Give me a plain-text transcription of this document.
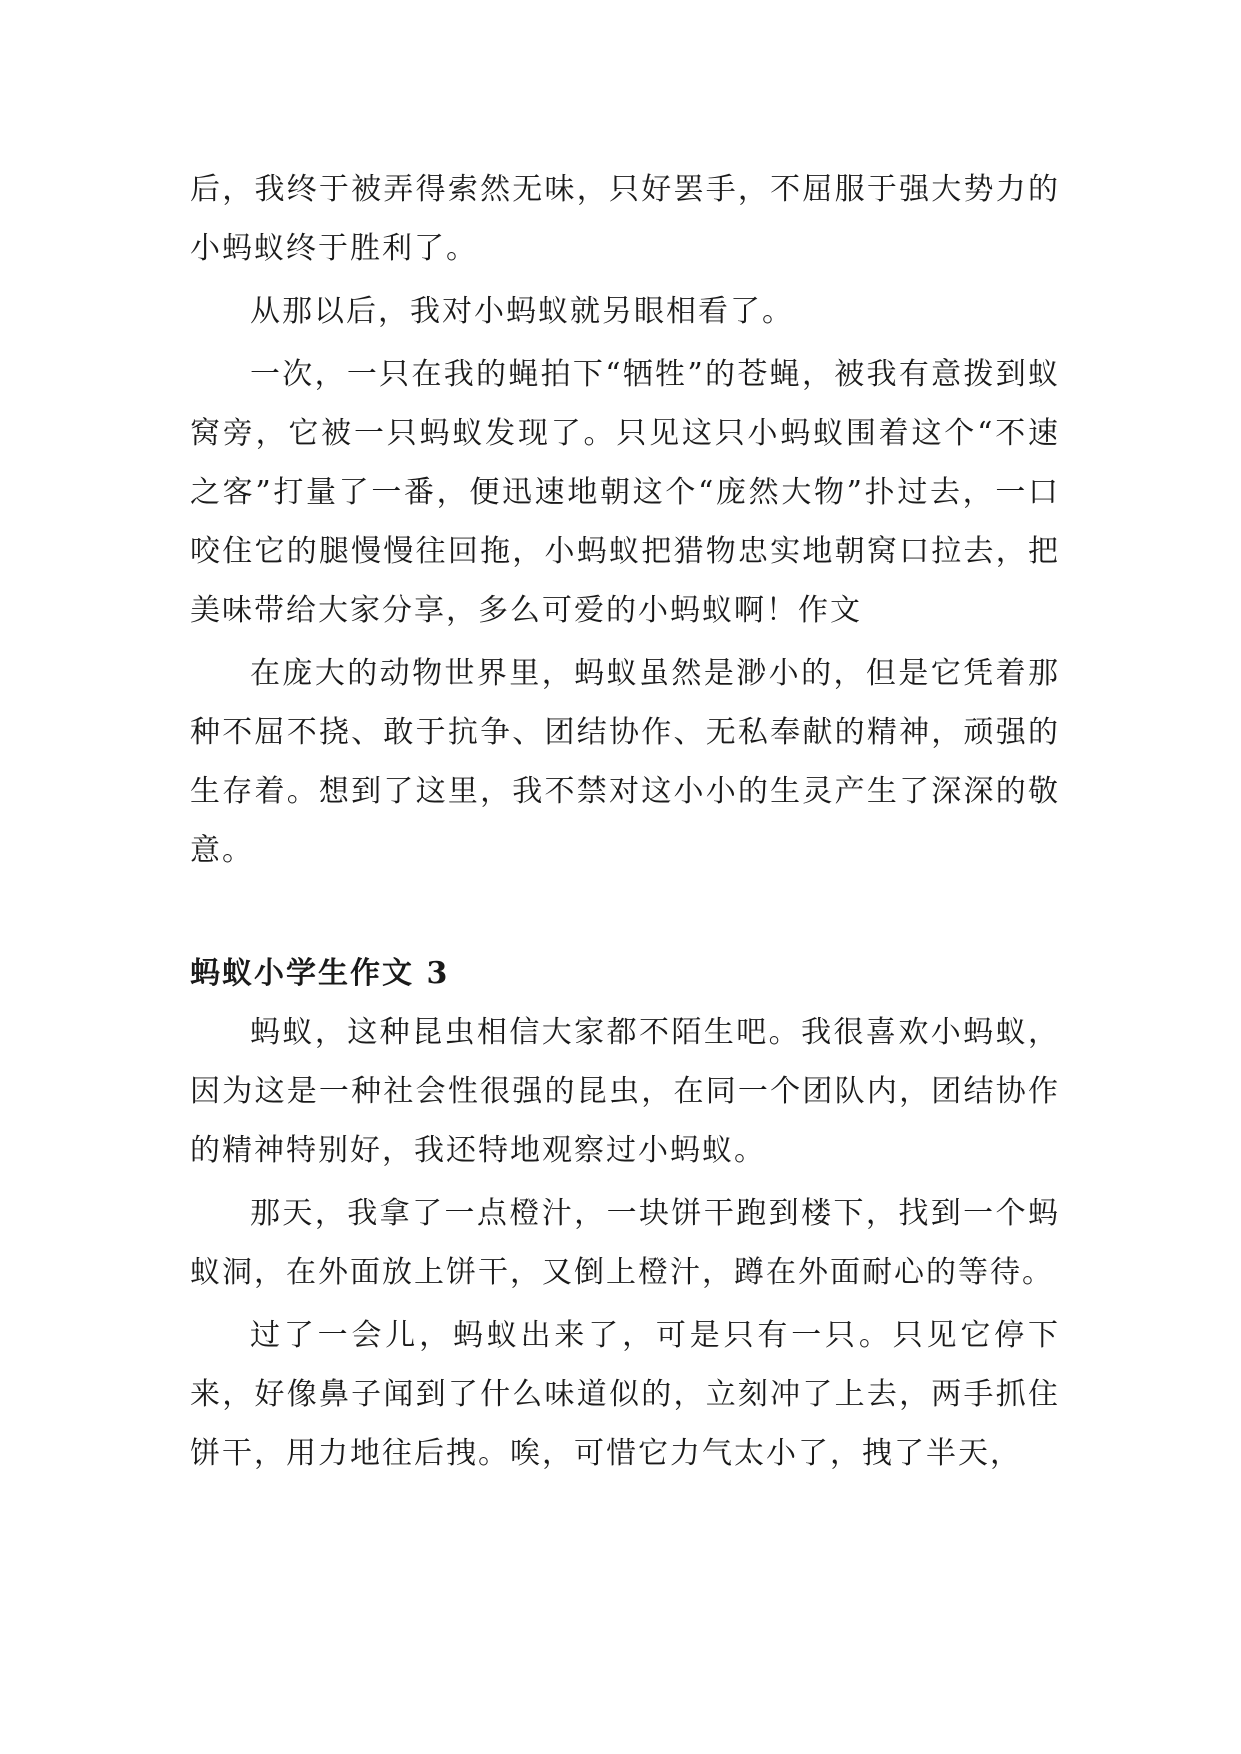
后，我终于被弄得索然无味，只好罢手，不屈服于强大势力的小蚂蚁终于胜利了。

从那以后，我对小蚂蚁就另眼相看了。

一次，一只在我的蝇拍下“牺牲”的苍蝇，被我有意拨到蚁窝旁，它被一只蚂蚁发现了。只见这只小蚂蚁围着这个“不速之客”打量了一番，便迅速地朝这个“庞然大物”扑过去，一口咬住它的腿慢慢往回拖，小蚂蚁把猎物忠实地朝窝口拉去，把美味带给大家分享，多么可爱的小蚂蚁啊！作文

在庞大的动物世界里，蚂蚁虽然是渺小的，但是它凭着那种不屈不挠、敢于抗争、团结协作、无私奉献的精神，顽强的生存着。想到了这里，我不禁对这小小的生灵产生了深深的敬意。

蚂蚁小学生作文 3

蚂蚁，这种昆虫相信大家都不陌生吧。我很喜欢小蚂蚁，因为这是一种社会性很强的昆虫，在同一个团队内，团结协作的精神特别好，我还特地观察过小蚂蚁。

那天，我拿了一点橙汁，一块饼干跑到楼下，找到一个蚂蚁洞，在外面放上饼干，又倒上橙汁，蹲在外面耐心的等待。

过了一会儿，蚂蚁出来了，可是只有一只。只见它停下来，好像鼻子闻到了什么味道似的，立刻冲了上去，两手抓住饼干，用力地往后拽。唉，可惜它力气太小了，拽了半天，
